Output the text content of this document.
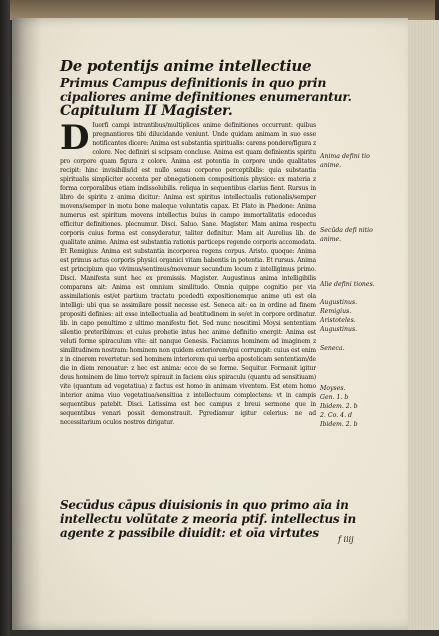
De potentijs anime intellectiue
Primus Campus definitionis in quo prin cipaliores anime definitiones enumerantur.
Capitulum II Magister.
D Iuerfi campi intrantibus/multiplices anime definitiones occurrunt: quibus pregnantiores tibi dilucidande veniunt. Unde quidam animam in suo esse notificantes dicere: Anima est substantia spiritualis: carens pondere/figura z colore. Nec definiri si scipsam concluse. Anima est quam definientis spiritu pro corpore quam figura z colore. Anima est potentia in corpore unde qualitates recipit: hinc invisibilis/id est nullo sensu corporeo perceptibilis: quia substantia spiritualis simpliciter accenta per abnegationem compositionis physice: ex materia z forma corporalibus etiam indissolubilis. reliqua in sequentibus clarius fient. Rursus in libro de spiritu z anima dicitur: Anima est spiritus intellectualis rationalis/semper movens/semper in motu bone maleque voluntatis capax. Et Plato in Phedone: Anima numerus est spiritum movens intellectus buius in campo immortalitatis edocedus efficitur definitiones. plecnumur. Disci. Saluo. Sane. Magister. Mam anima respectu corporis cuius forma est consyderatur, taliter definitur. Mam ait Aurelius lib. de qualitate anime. Anima est substantia rationis particeps regende corporis accomodata. Et Remigius: Anima est substantia incorporea regens corpus. Aristo. quoque: Anima est primus actus corporis physici organici vitam habentis in potentia. Et rursus. Anima est principium quo vivimus/sentimus/movemur secundum locum z intelligimus primo. Disci. Manifesta sunt hec ex premissis. Magister. Augustinus anima intelligibilis comparans ait: Anima est omnium similitudo. Omnia quippe cognitio per via assimilationis est/et partium tractatu pcededti expositionemque anime uti est ola intelligi: ubi qua se assimilare possit necesse est. Seneca ait: ea in ordine ad finem propositi definies: ait esse intellectualia ad beatitudinem in se/et in corpore ordinatur. lib. in capo penultimo z ultimo manifestu fiet. Sed nunc noscitimi Moysi sententiam silentio preteribimus: et cuius prohetie intus hec anime definitio energit: Anima est veluti forme spiraculum vite: ait nanque Genesis. Faciamus hominem ad imaginem z similitudinem nostram: hominem non quidem exteriorem/qui corrumpit: cuius est enim z in cinerem revertetur: sed hominem interiorem qui uerba apostolicam sententiam/de die in diem renouatur: z hec est anima: ecce de se forme. Sequitur. Formauit igitur deus hominem de limo terre/z spirauit in faciem eius spiraculu (quantu ad sensitiuam) vite (quantum ad vegetatiua) z factus est homo in animam viventem. Est etem homo interior anima viuo vegetatiua/sensitiua z intellectuum complectens: vt in campis sequentibus patebit. Disci. Latissima est hec campus z breui sermone que in sequentibus venari possit demonstrauit. Pgrediamur igitur celerius: ne ad necessitarium oculos nostros dirigatur.
Anima defini tio anime.
Secūda defi nitio anime.
Alie defini tiones.
Augustinus.
Remigius.
Aristoteles.
Augustinus.
Seneca.
Moyses.
Gen. 1. b
Ibidem. 2. b
2. Co. 4. d
Ibidem. 2. b
Secūdus cāpus diuisionis in quo primo aīa in intellectu volūtate z meoria ptif. intellectus in agente z passibile diuidit: et oīa virtutes	f iiij
